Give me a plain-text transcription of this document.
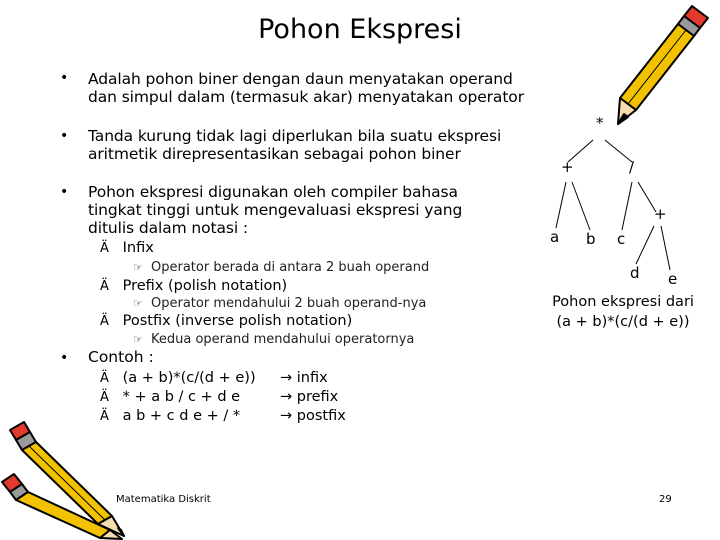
Pohon Ekspresi
• Adalah pohon biner dengan daun menyatakan operand dan simpul dalam (termasuk akar) menyatakan operator
• Tanda kurung tidak lagi diperlukan bila suatu ekspresi aritmetik direpresentasikan sebagai pohon biner
• Pohon ekspresi digunakan oleh compiler bahasa tingkat tinggi untuk mengevaluasi ekspresi yang ditulis dalam notasi :
Ä Infix
☞ Operator berada di antara 2 buah operand
Ä Prefix (polish notation)
☞ Operator mendahului 2 buah operand-nya
Ä Postfix (inverse polish notation)
☞ Kedua operand mendahului operatornya
• Contoh :
Ä (a + b)*(c/(d + e)) → infix
Ä * + a b / c + d e	→ prefix
Ä a b + c d e + / *	→ postfix
*
+	/
a b c
+
d e
Pohon ekspresi dari
(a + b)*(c/(d + e))
Matematika Diskrit	29
